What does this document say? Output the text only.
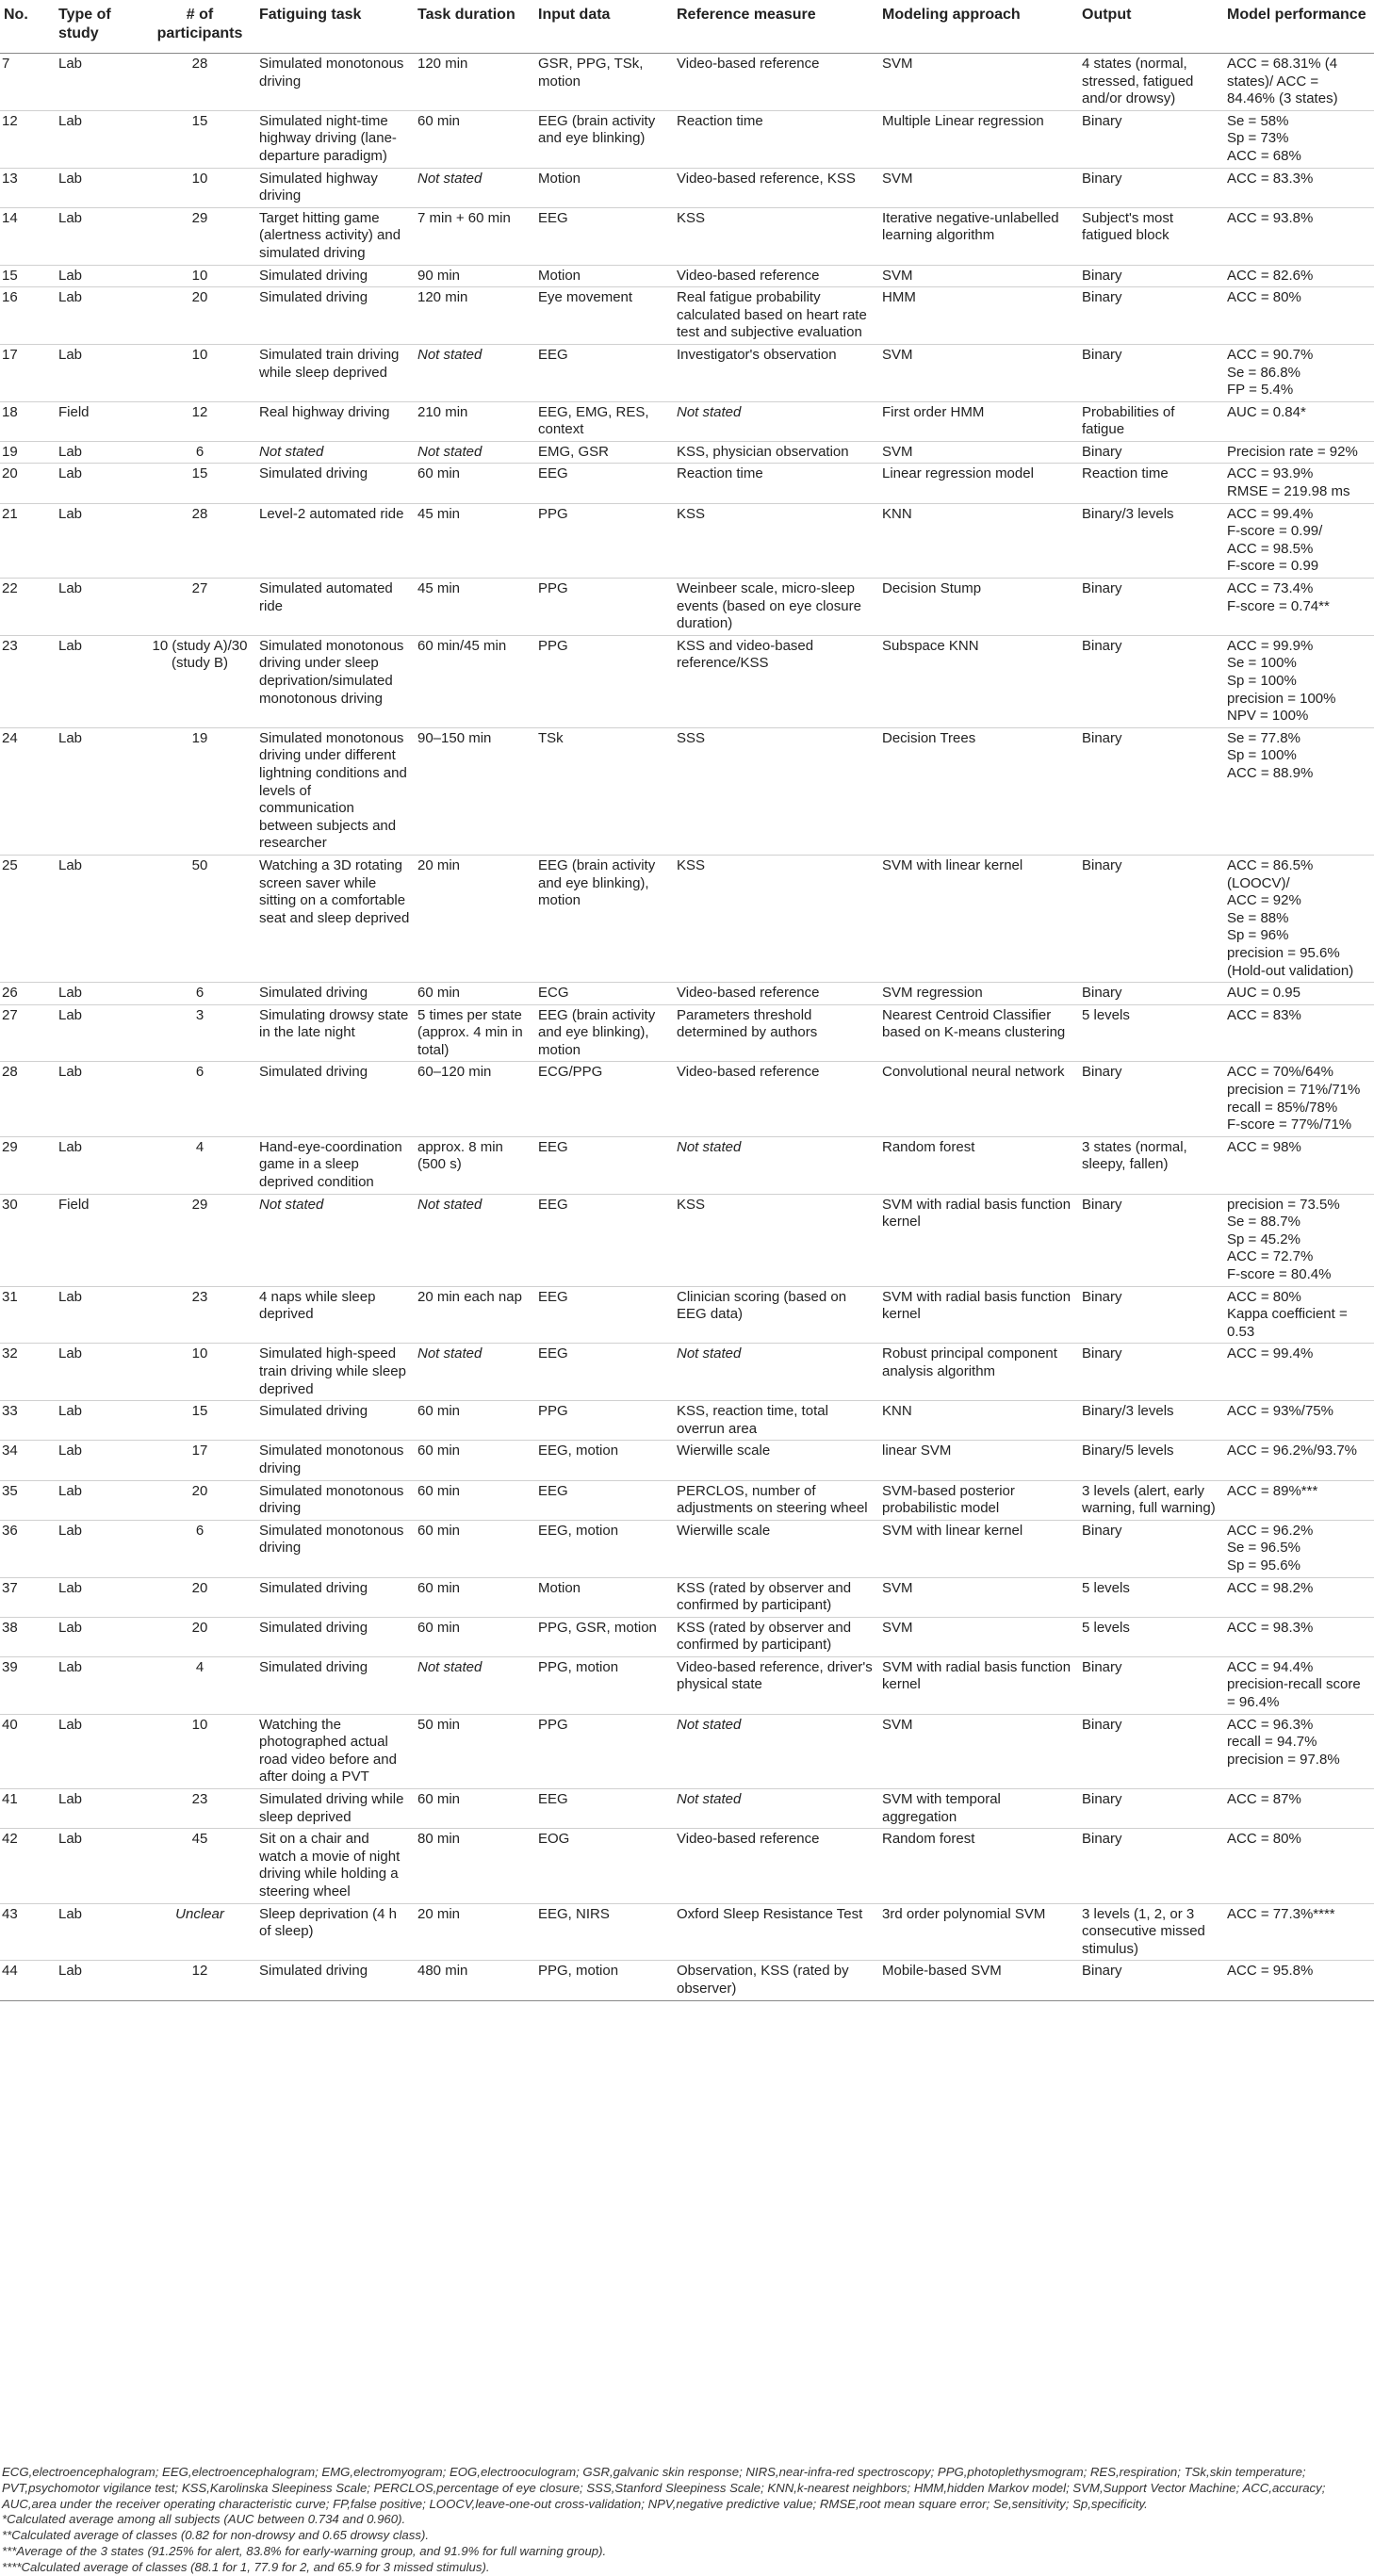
No.	Type of study	# of participants	Fatiguing task	Task duration	Input data	Reference measure	Modeling approach	Output	Model performance
7	Lab	28	Simulated monotonous driving	120 min	GSR, PPG, TSk, motion	Video-based reference	SVM	4 states (normal, stressed, fatigued and/or drowsy)	ACC = 68.31% (4 states)/ ACC = 84.46% (3 states)
12	Lab	15	Simulated night-time highway driving (lane-departure paradigm)	60 min	EEG (brain activity and eye blinking)	Reaction time	Multiple Linear regression	Binary	Se = 58%
Sp = 73%
ACC = 68%
13	Lab	10	Simulated highway driving	Not stated	Motion	Video-based reference, KSS	SVM	Binary	ACC = 83.3%
14	Lab	29	Target hitting game (alertness activity) and simulated driving	7 min + 60 min	EEG	KSS	Iterative negative-unlabelled learning algorithm	Subject's most fatigued block	ACC = 93.8%
15	Lab	10	Simulated driving	90 min	Motion	Video-based reference	SVM	Binary	ACC = 82.6%
16	Lab	20	Simulated driving	120 min	Eye movement	Real fatigue probability calculated based on heart rate test and subjective evaluation	HMM	Binary	ACC = 80%
17	Lab	10	Simulated train driving while sleep deprived	Not stated	EEG	Investigator's observation	SVM	Binary	ACC = 90.7%
Se = 86.8%
FP = 5.4%
18	Field	12	Real highway driving	210 min	EEG, EMG, RES, context	Not stated	First order HMM	Probabilities of fatigue	AUC = 0.84*
19	Lab	6	Not stated	Not stated	EMG, GSR	KSS, physician observation	SVM	Binary	Precision rate = 92%
20	Lab	15	Simulated driving	60 min	EEG	Reaction time	Linear regression model	Reaction time	ACC = 93.9%
RMSE = 219.98 ms
21	Lab	28	Level-2 automated ride	45 min	PPG	KSS	KNN	Binary/3 levels	ACC = 99.4%
F-score = 0.99/
ACC = 98.5%
F-score = 0.99
22	Lab	27	Simulated automated ride	45 min	PPG	Weinbeer scale, micro-sleep events (based on eye closure duration)	Decision Stump	Binary	ACC = 73.4%
F-score = 0.74**
23	Lab	10 (study A)/30 (study B)	Simulated monotonous driving under sleep deprivation/simulated monotonous driving	60 min/45 min	PPG	KSS and video-based reference/KSS	Subspace KNN	Binary	ACC = 99.9%
Se = 100%
Sp = 100%
precision = 100%
NPV = 100%
24	Lab	19	Simulated monotonous driving under different lightning conditions and levels of communication between subjects and researcher	90–150 min	TSk	SSS	Decision Trees	Binary	Se = 77.8%
Sp = 100%
ACC = 88.9%
25	Lab	50	Watching a 3D rotating screen saver while sitting on a comfortable seat and sleep deprived	20 min	EEG (brain activity and eye blinking), motion	KSS	SVM with linear kernel	Binary	ACC = 86.5% (LOOCV)/
ACC = 92%
Se = 88%
Sp = 96%
precision = 95.6% (Hold-out validation)
26	Lab	6	Simulated driving	60 min	ECG	Video-based reference	SVM regression	Binary	AUC = 0.95
27	Lab	3	Simulating drowsy state in the late night	5 times per state (approx. 4 min in total)	EEG (brain activity and eye blinking), motion	Parameters threshold determined by authors	Nearest Centroid Classifier based on K-means clustering	5 levels	ACC = 83%
28	Lab	6	Simulated driving	60–120 min	ECG/PPG	Video-based reference	Convolutional neural network	Binary	ACC = 70%/64%
precision = 71%/71%
recall = 85%/78%
F-score = 77%/71%
29	Lab	4	Hand-eye-coordination game in a sleep deprived condition	approx. 8 min (500 s)	EEG	Not stated	Random forest	3 states (normal, sleepy, fallen)	ACC = 98%
30	Field	29	Not stated	Not stated	EEG	KSS	SVM with radial basis function kernel	Binary	precision = 73.5%
Se = 88.7%
Sp = 45.2%
ACC = 72.7%
F-score = 80.4%
31	Lab	23	4 naps while sleep deprived	20 min each nap	EEG	Clinician scoring (based on EEG data)	SVM with radial basis function kernel	Binary	ACC = 80%
Kappa coefficient = 0.53
32	Lab	10	Simulated high-speed train driving while sleep deprived	Not stated	EEG	Not stated	Robust principal component analysis algorithm	Binary	ACC = 99.4%
33	Lab	15	Simulated driving	60 min	PPG	KSS, reaction time, total overrun area	KNN	Binary/3 levels	ACC = 93%/75%
34	Lab	17	Simulated monotonous driving	60 min	EEG, motion	Wierwille scale	linear SVM	Binary/5 levels	ACC = 96.2%/93.7%
35	Lab	20	Simulated monotonous driving	60 min	EEG	PERCLOS, number of adjustments on steering wheel	SVM-based posterior probabilistic model	3 levels (alert, early warning, full warning)	ACC = 89%***
36	Lab	6	Simulated monotonous driving	60 min	EEG, motion	Wierwille scale	SVM with linear kernel	Binary	ACC = 96.2%
Se = 96.5%
Sp = 95.6%
37	Lab	20	Simulated driving	60 min	Motion	KSS (rated by observer and confirmed by participant)	SVM	5 levels	ACC = 98.2%
38	Lab	20	Simulated driving	60 min	PPG, GSR, motion	KSS (rated by observer and confirmed by participant)	SVM	5 levels	ACC = 98.3%
39	Lab	4	Simulated driving	Not stated	PPG, motion	Video-based reference, driver's physical state	SVM with radial basis function kernel	Binary	ACC = 94.4%
precision-recall score = 96.4%
40	Lab	10	Watching the photographed actual road video before and after doing a PVT	50 min	PPG	Not stated	SVM	Binary	ACC = 96.3%
recall = 94.7%
precision = 97.8%
41	Lab	23	Simulated driving while sleep deprived	60 min	EEG	Not stated	SVM with temporal aggregation	Binary	ACC = 87%
42	Lab	45	Sit on a chair and watch a movie of night driving while holding a steering wheel	80 min	EOG	Video-based reference	Random forest	Binary	ACC = 80%
43	Lab	Unclear	Sleep deprivation (4 h of sleep)	20 min	EEG, NIRS	Oxford Sleep Resistance Test	3rd order polynomial SVM	3 levels (1, 2, or 3 consecutive missed stimulus)	ACC = 77.3%****
44	Lab	12	Simulated driving	480 min	PPG, motion	Observation, KSS (rated by observer)	Mobile-based SVM	Binary	ACC = 95.8%
ECG,electroencephalogram; EEG,electroencephalogram; EMG,electromyogram; EOG,electrooculogram; GSR,galvanic skin response; NIRS,near-infra-red spectroscopy; PPG,photoplethysmogram; RES,respiration; TSk,skin temperature; PVT,psychomotor vigilance test; KSS,Karolinska Sleepiness Scale; PERCLOS,percentage of eye closure; SSS,Stanford Sleepiness Scale; KNN,k-nearest neighbors; HMM,hidden Markov model; SVM,Support Vector Machine; ACC,accuracy; AUC,area under the receiver operating characteristic curve; FP,false positive; LOOCV,leave-one-out cross-validation; NPV,negative predictive value; RMSE,root mean square error; Se,sensitivity; Sp,specificity.
*Calculated average among all subjects (AUC between 0.734 and 0.960).
**Calculated average of classes (0.82 for non-drowsy and 0.65 drowsy class).
***Average of the 3 states (91.25% for alert, 83.8% for early-warning group, and 91.9% for full warning group).
****Calculated average of classes (88.1 for 1, 77.9 for 2, and 65.9 for 3 missed stimulus).
